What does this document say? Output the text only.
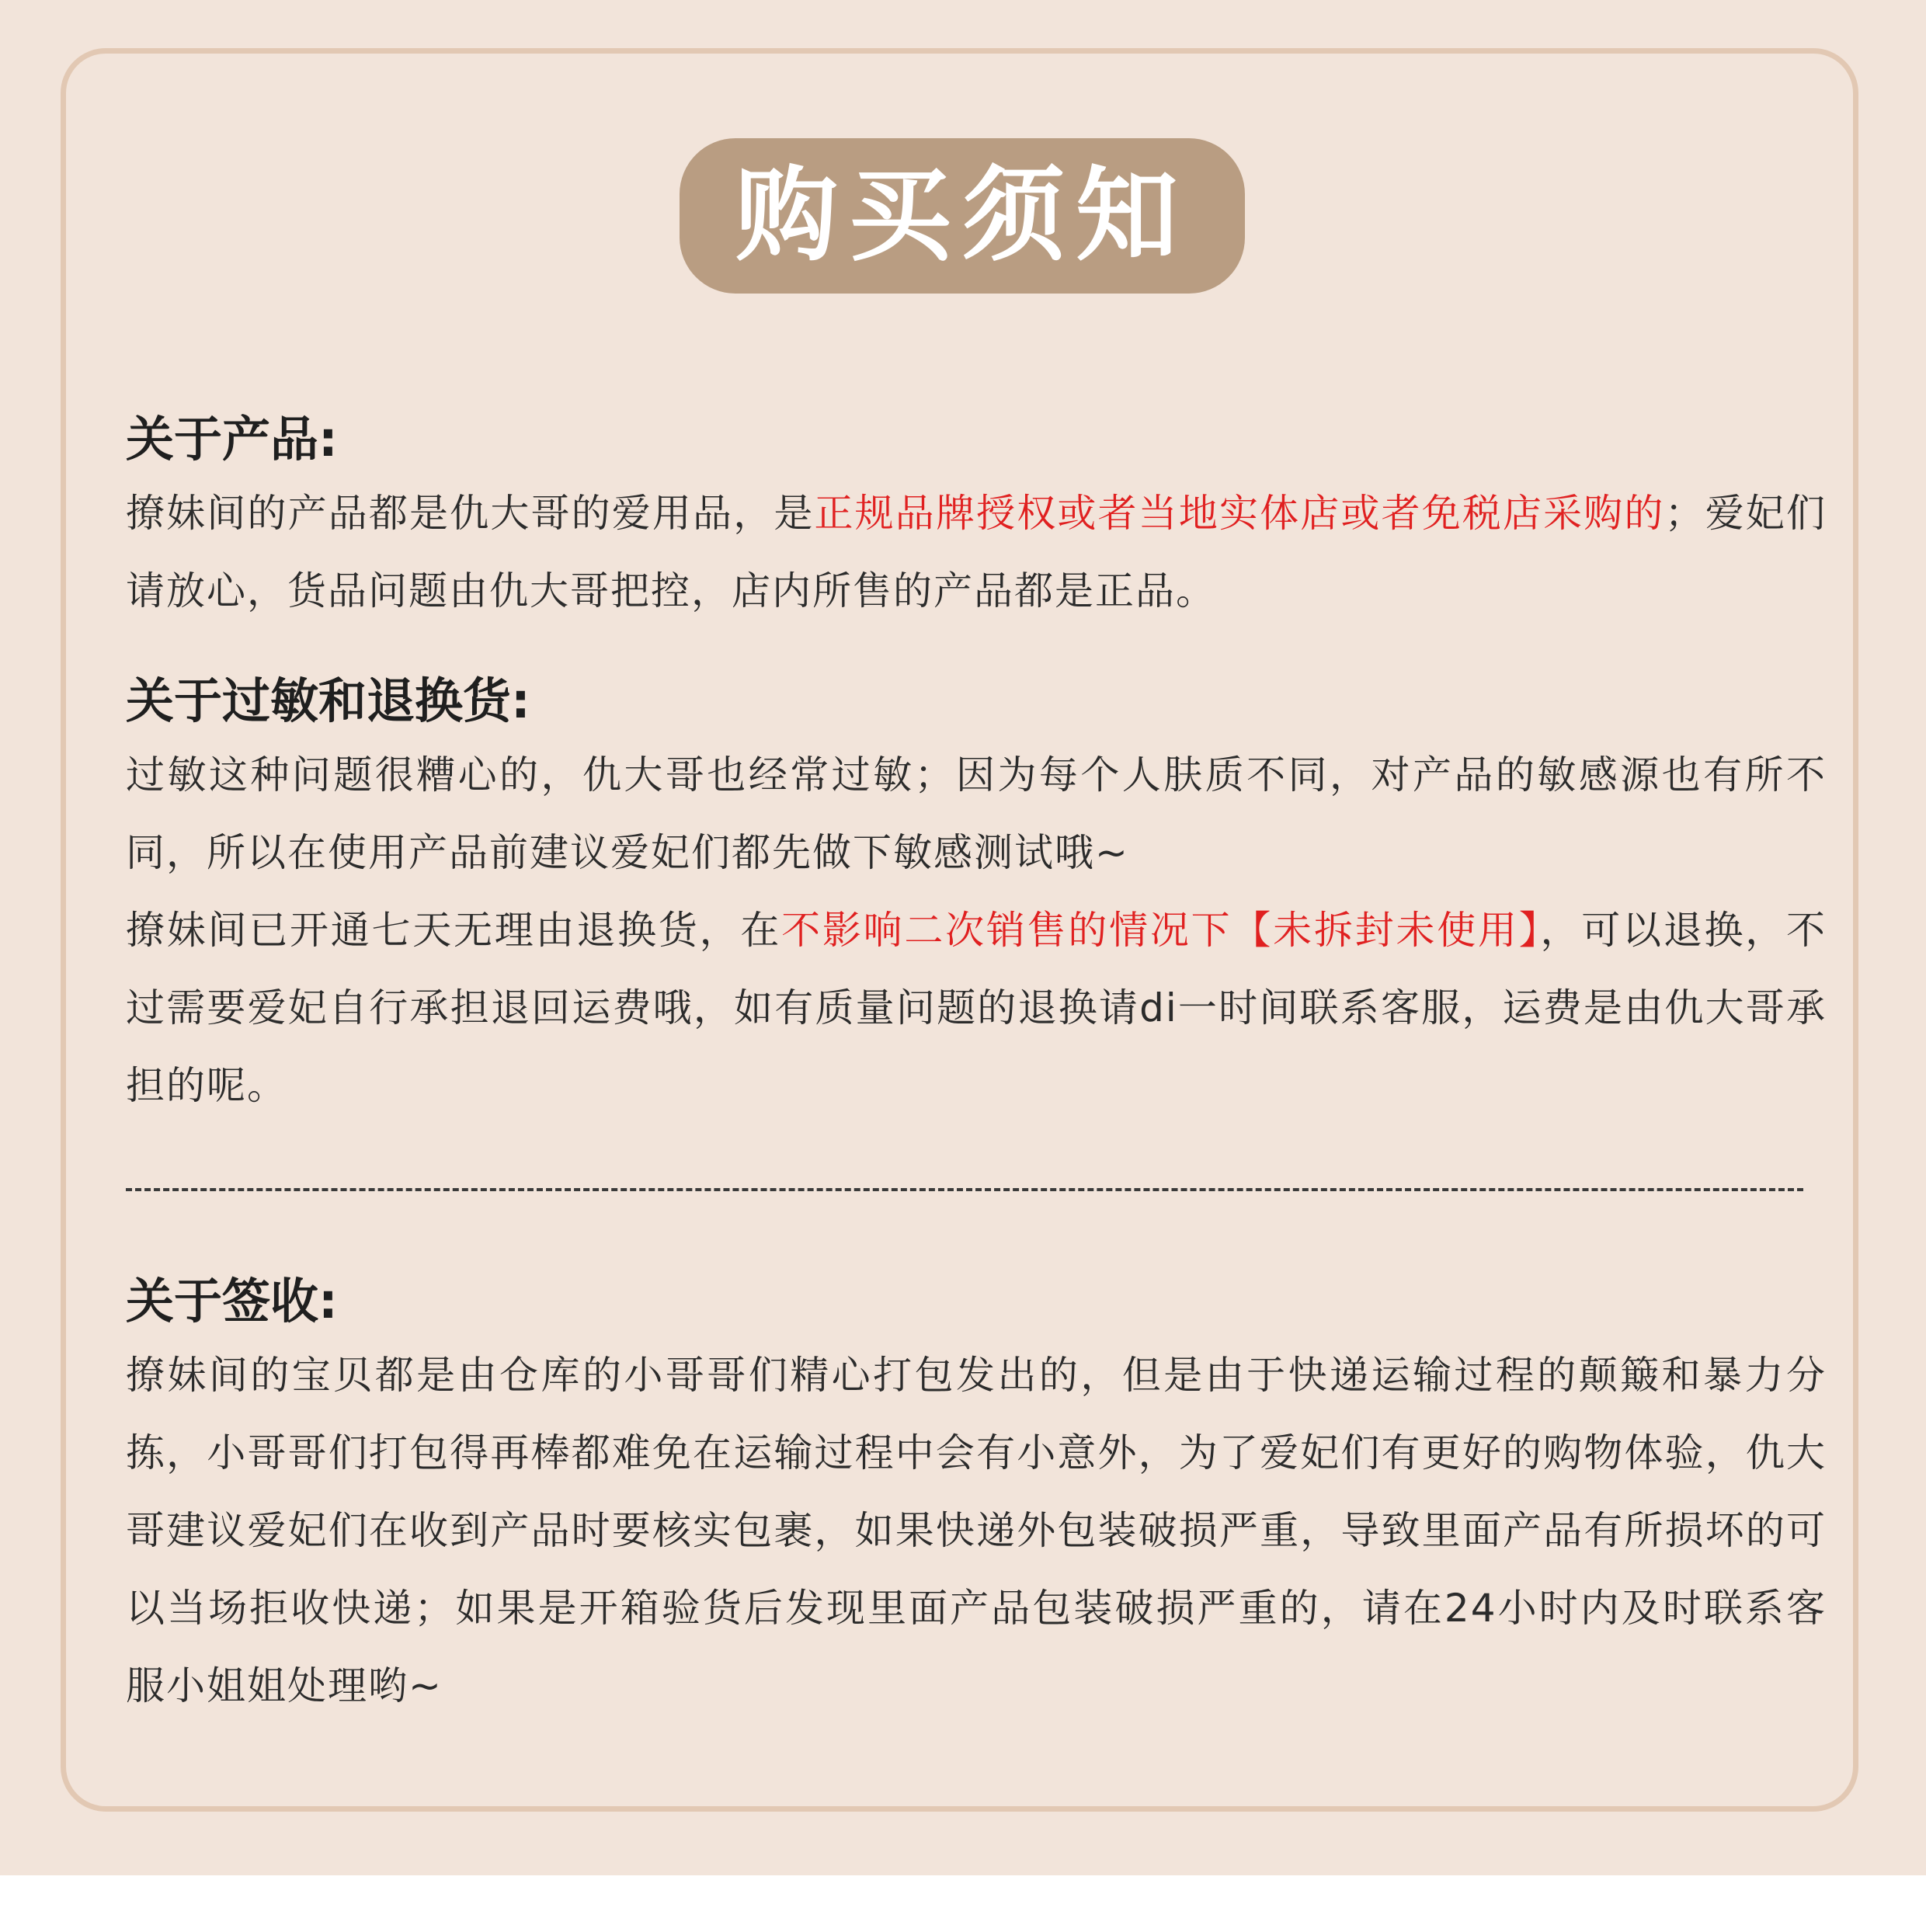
购买须知
关于产品:

撩妹间的产品都是仇大哥的爱用品，是正规品牌授权或者当地实体店或者免税店采购的；爱妃们请放心，货品问题由仇大哥把控，店内所售的产品都是正品。

关于过敏和退换货:

过敏这种问题很糟心的，仇大哥也经常过敏；因为每个人肤质不同，对产品的敏感源也有所不同，所以在使用产品前建议爱妃们都先做下敏感测试哦~

撩妹间已开通七天无理由退换货，在不影响二次销售的情况下【未拆封未使用】，可以退换，不过需要爱妃自行承担退回运费哦，如有质量问题的退换请di一时间联系客服，运费是由仇大哥承担的呢。

关于签收:

撩妹间的宝贝都是由仓库的小哥哥们精心打包发出的，但是由于快递运输过程的颠簸和暴力分拣，小哥哥们打包得再棒都难免在运输过程中会有小意外，为了爱妃们有更好的购物体验，仇大哥建议爱妃们在收到产品时要核实包裹，如果快递外包装破损严重，导致里面产品有所损坏的可以当场拒收快递；如果是开箱验货后发现里面产品包装破损严重的，请在24小时内及时联系客服小姐姐处理哟~
